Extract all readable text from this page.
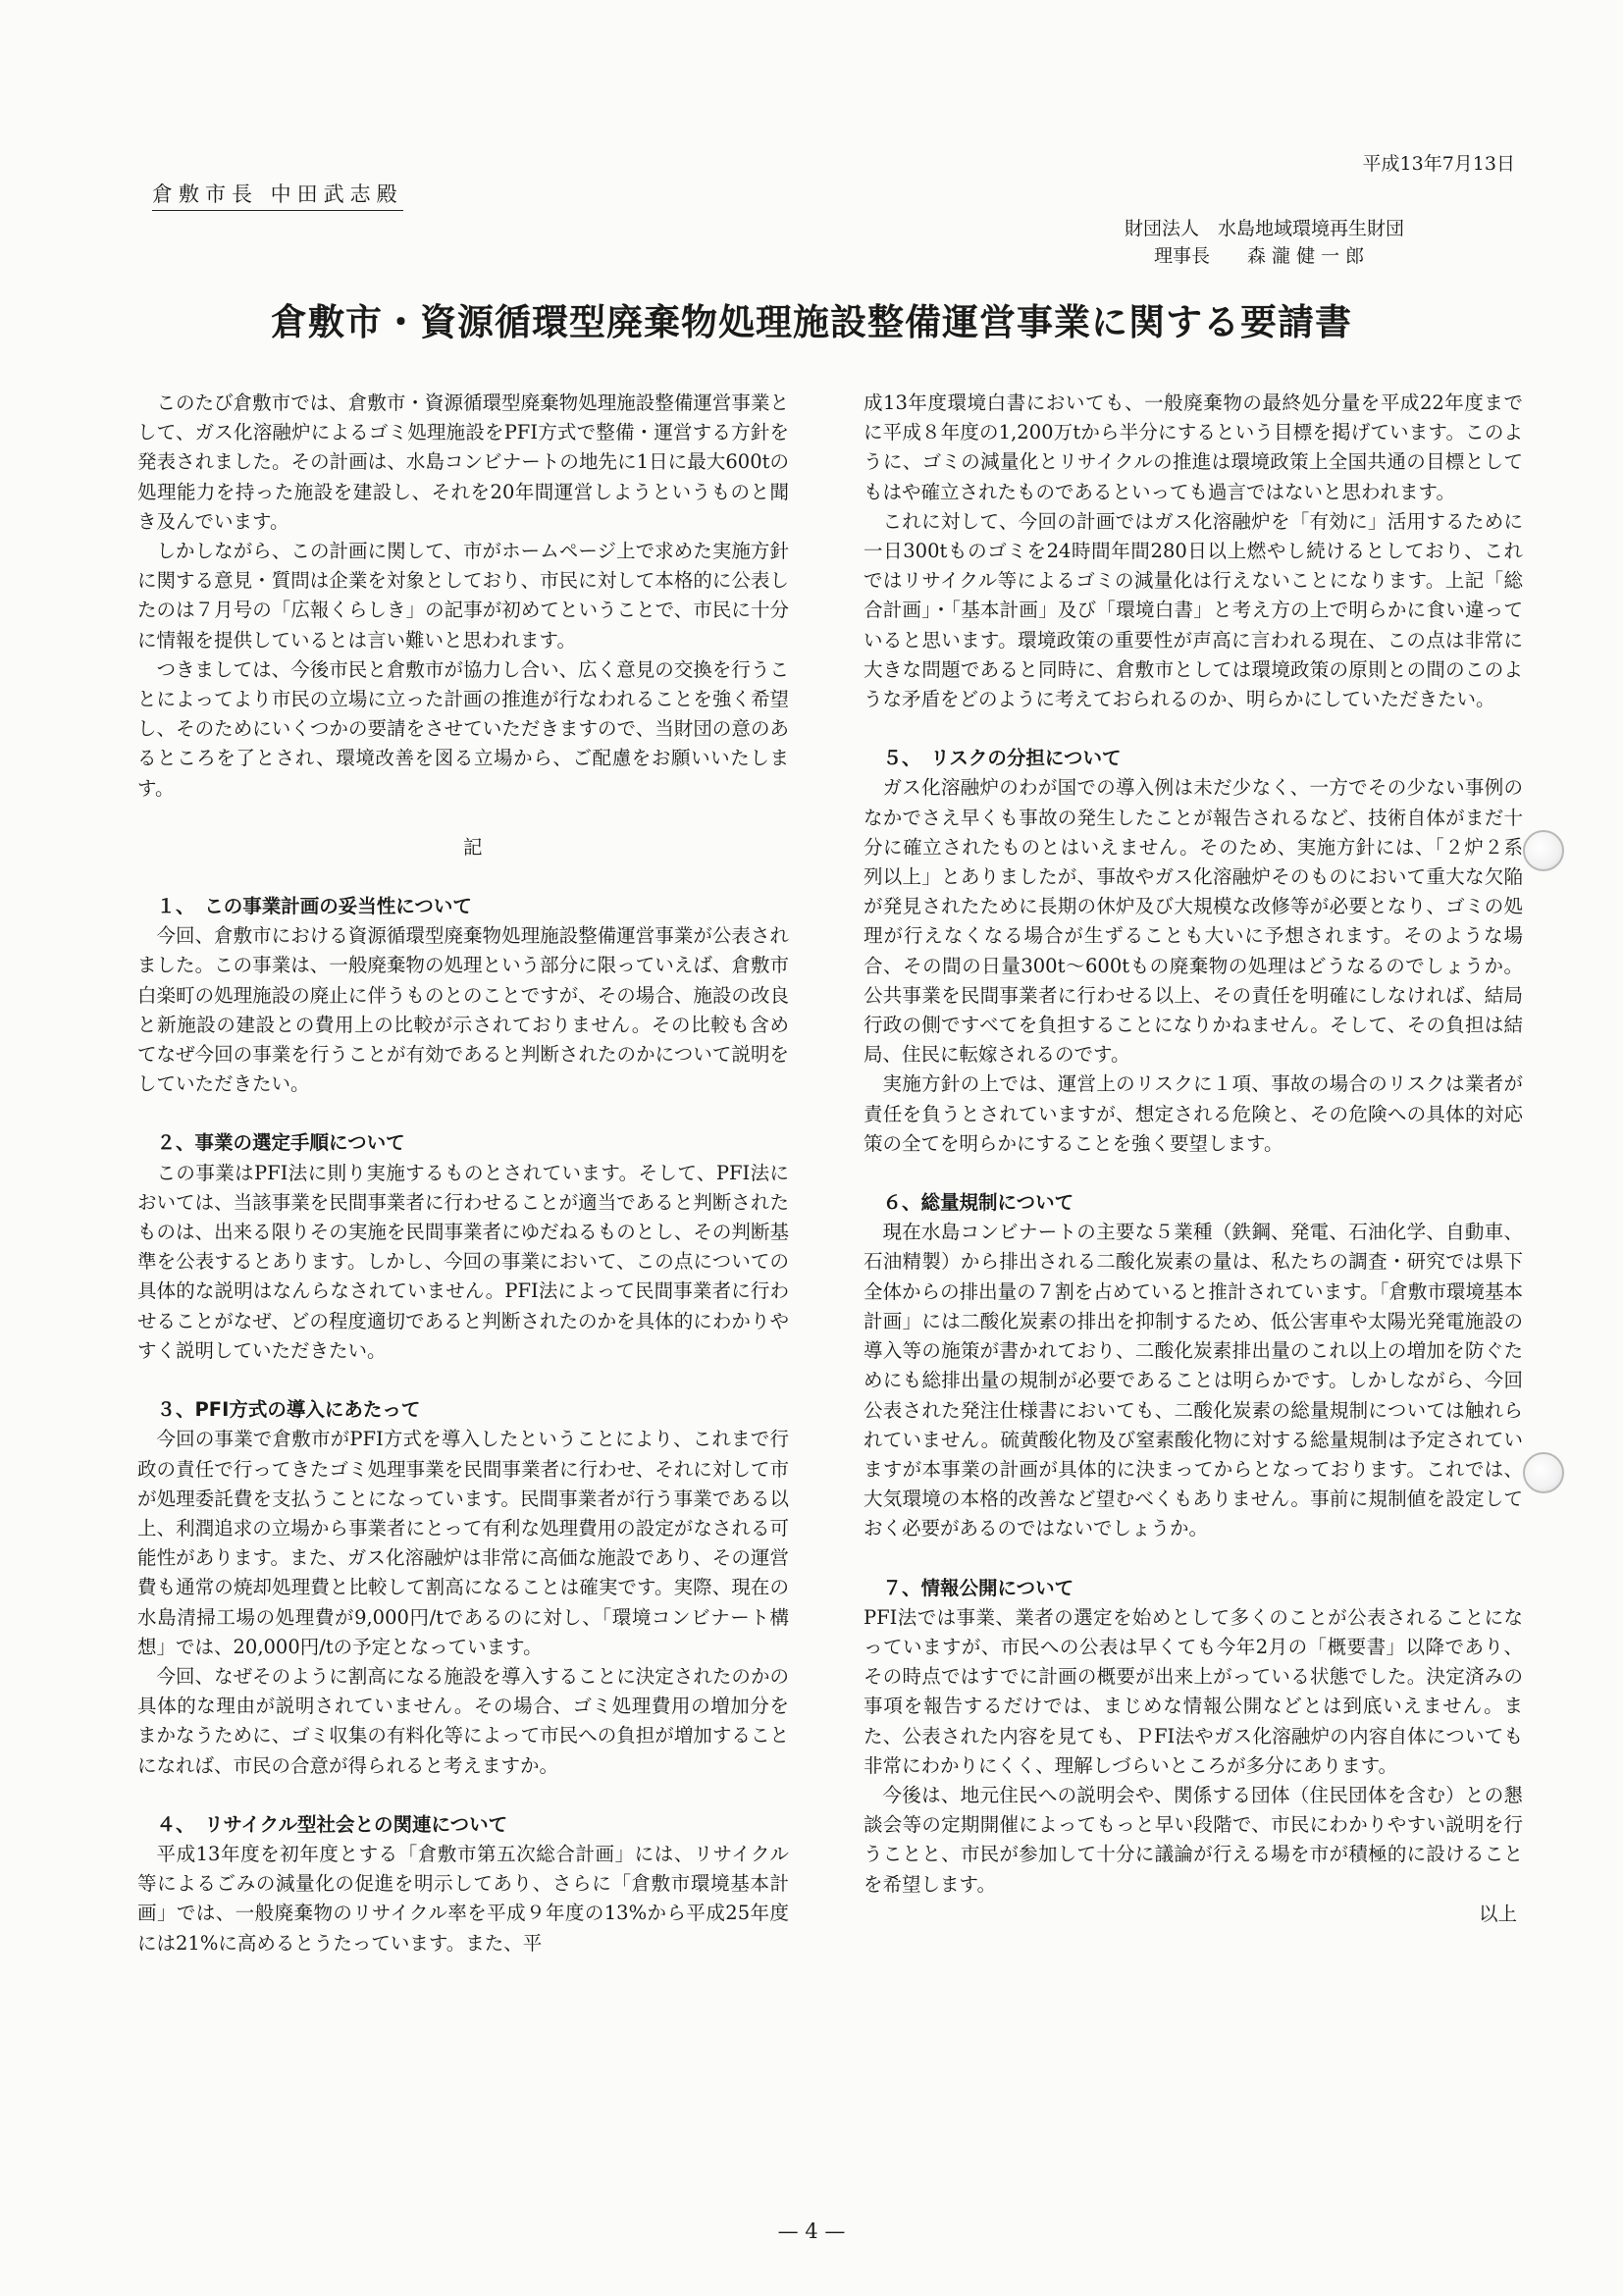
平成13年7月13日
倉敷市長 中田武志殿
財団法人　水島地域環境再生財団
理事長　　森 瀧 健 一 郎
倉敷市・資源循環型廃棄物処理施設整備運営事業に関する要請書

このたび倉敷市では、倉敷市・資源循環型廃棄物処理施設整備運営事業として、ガス化溶融炉によるゴミ処理施設をPFI方式で整備・運営する方針を発表されました。その計画は、水島コンビナートの地先に1日に最大600tの処理能力を持った施設を建設し、それを20年間運営しようというものと聞き及んでいます。

しかしながら、この計画に関して、市がホームページ上で求めた実施方針に関する意見・質問は企業を対象としており、市民に対して本格的に公表したのは７月号の「広報くらしき」の記事が初めてということで、市民に十分に情報を提供しているとは言い難いと思われます。

つきましては、今後市民と倉敷市が協力し合い、広く意見の交換を行うことによってより市民の立場に立った計画の推進が行なわれることを強く希望し、そのためにいくつかの要請をさせていただきますので、当財団の意のあるところを了とされ、環境改善を図る立場から、ご配慮をお願いいたします。

記

１、　この事業計画の妥当性について

今回、倉敷市における資源循環型廃棄物処理施設整備運営事業が公表されました。この事業は、一般廃棄物の処理という部分に限っていえば、倉敷市白楽町の処理施設の廃止に伴うものとのことですが、その場合、施設の改良と新施設の建設との費用上の比較が示されておりません。その比較も含めてなぜ今回の事業を行うことが有効であると判断されたのかについて説明をしていただきたい。

２、事業の選定手順について

この事業はPFI法に則り実施するものとされています。そして、PFI法においては、当該事業を民間事業者に行わせることが適当であると判断されたものは、出来る限りその実施を民間事業者にゆだねるものとし、その判断基準を公表するとあります。しかし、今回の事業において、この点についての具体的な説明はなんらなされていません。PFI法によって民間事業者に行わせることがなぜ、どの程度適切であると判断されたのかを具体的にわかりやすく説明していただきたい。

３、PFI方式の導入にあたって

今回の事業で倉敷市がPFI方式を導入したということにより、これまで行政の責任で行ってきたゴミ処理事業を民間事業者に行わせ、それに対して市が処理委託費を支払うことになっています。民間事業者が行う事業である以上、利潤追求の立場から事業者にとって有利な処理費用の設定がなされる可能性があります。また、ガス化溶融炉は非常に高価な施設であり、その運営費も通常の焼却処理費と比較して割高になることは確実です。実際、現在の水島清掃工場の処理費が9,000円/tであるのに対し、「環境コンビナート構想」では、20,000円/tの予定となっています。

今回、なぜそのように割高になる施設を導入することに決定されたのかの具体的な理由が説明されていません。その場合、ゴミ処理費用の増加分をまかなうために、ゴミ収集の有料化等によって市民への負担が増加することになれば、市民の合意が得られると考えますか。

４、　リサイクル型社会との関連について

平成13年度を初年度とする「倉敷市第五次総合計画」には、リサイクル等によるごみの減量化の促進を明示してあり、さらに「倉敷市環境基本計画」では、一般廃棄物のリサイクル率を平成９年度の13%から平成25年度には21%に高めるとうたっています。また、平

成13年度環境白書においても、一般廃棄物の最終処分量を平成22年度までに平成８年度の1,200万tから半分にするという目標を掲げています。このように、ゴミの減量化とリサイクルの推進は環境政策上全国共通の目標としてもはや確立されたものであるといっても過言ではないと思われます。

これに対して、今回の計画ではガス化溶融炉を「有効に」活用するために一日300tものゴミを24時間年間280日以上燃やし続けるとしており、これではリサイクル等によるゴミの減量化は行えないことになります。上記「総合計画」・「基本計画」及び「環境白書」と考え方の上で明らかに食い違っていると思います。環境政策の重要性が声高に言われる現在、この点は非常に大きな問題であると同時に、倉敷市としては環境政策の原則との間のこのような矛盾をどのように考えておられるのか、明らかにしていただきたい。

５、　リスクの分担について

ガス化溶融炉のわが国での導入例は未だ少なく、一方でその少ない事例のなかでさえ早くも事故の発生したことが報告されるなど、技術自体がまだ十分に確立されたものとはいえません。そのため、実施方針には、「２炉２系列以上」とありましたが、事故やガス化溶融炉そのものにおいて重大な欠陥が発見されたために長期の休炉及び大規模な改修等が必要となり、ゴミの処理が行えなくなる場合が生ずることも大いに予想されます。そのような場合、その間の日量300t～600tもの廃棄物の処理はどうなるのでしょうか。公共事業を民間事業者に行わせる以上、その責任を明確にしなければ、結局行政の側ですべてを負担することになりかねません。そして、その負担は結局、住民に転嫁されるのです。

実施方針の上では、運営上のリスクに１項、事故の場合のリスクは業者が責任を負うとされていますが、想定される危険と、その危険への具体的対応策の全てを明らかにすることを強く要望します。

６、総量規制について

現在水島コンビナートの主要な５業種（鉄鋼、発電、石油化学、自動車、石油精製）から排出される二酸化炭素の量は、私たちの調査・研究では県下全体からの排出量の７割を占めていると推計されています。「倉敷市環境基本計画」には二酸化炭素の排出を抑制するため、低公害車や太陽光発電施設の導入等の施策が書かれており、二酸化炭素排出量のこれ以上の増加を防ぐためにも総排出量の規制が必要であることは明らかです。しかしながら、今回公表された発注仕様書においても、二酸化炭素の総量規制については触れられていません。硫黄酸化物及び窒素酸化物に対する総量規制は予定されていますが本事業の計画が具体的に決まってからとなっております。これでは、大気環境の本格的改善など望むべくもありません。事前に規制値を設定しておく必要があるのではないでしょうか。

７、情報公開について

PFI法では事業、業者の選定を始めとして多くのことが公表されることになっていますが、市民への公表は早くても今年2月の「概要書」以降であり、その時点ではすでに計画の概要が出来上がっている状態でした。決定済みの事項を報告するだけでは、まじめな情報公開などとは到底いえません。また、公表された内容を見ても、ＰFI法やガス化溶融炉の内容自体についても非常にわかりにくく、理解しづらいところが多分にあります。

今後は、地元住民への説明会や、関係する団体（住民団体を含む）との懇談会等の定期開催によってもっと早い段階で、市民にわかりやすい説明を行うことと、市民が参加して十分に議論が行える場を市が積極的に設けることを希望します。

以上

— 4 —
